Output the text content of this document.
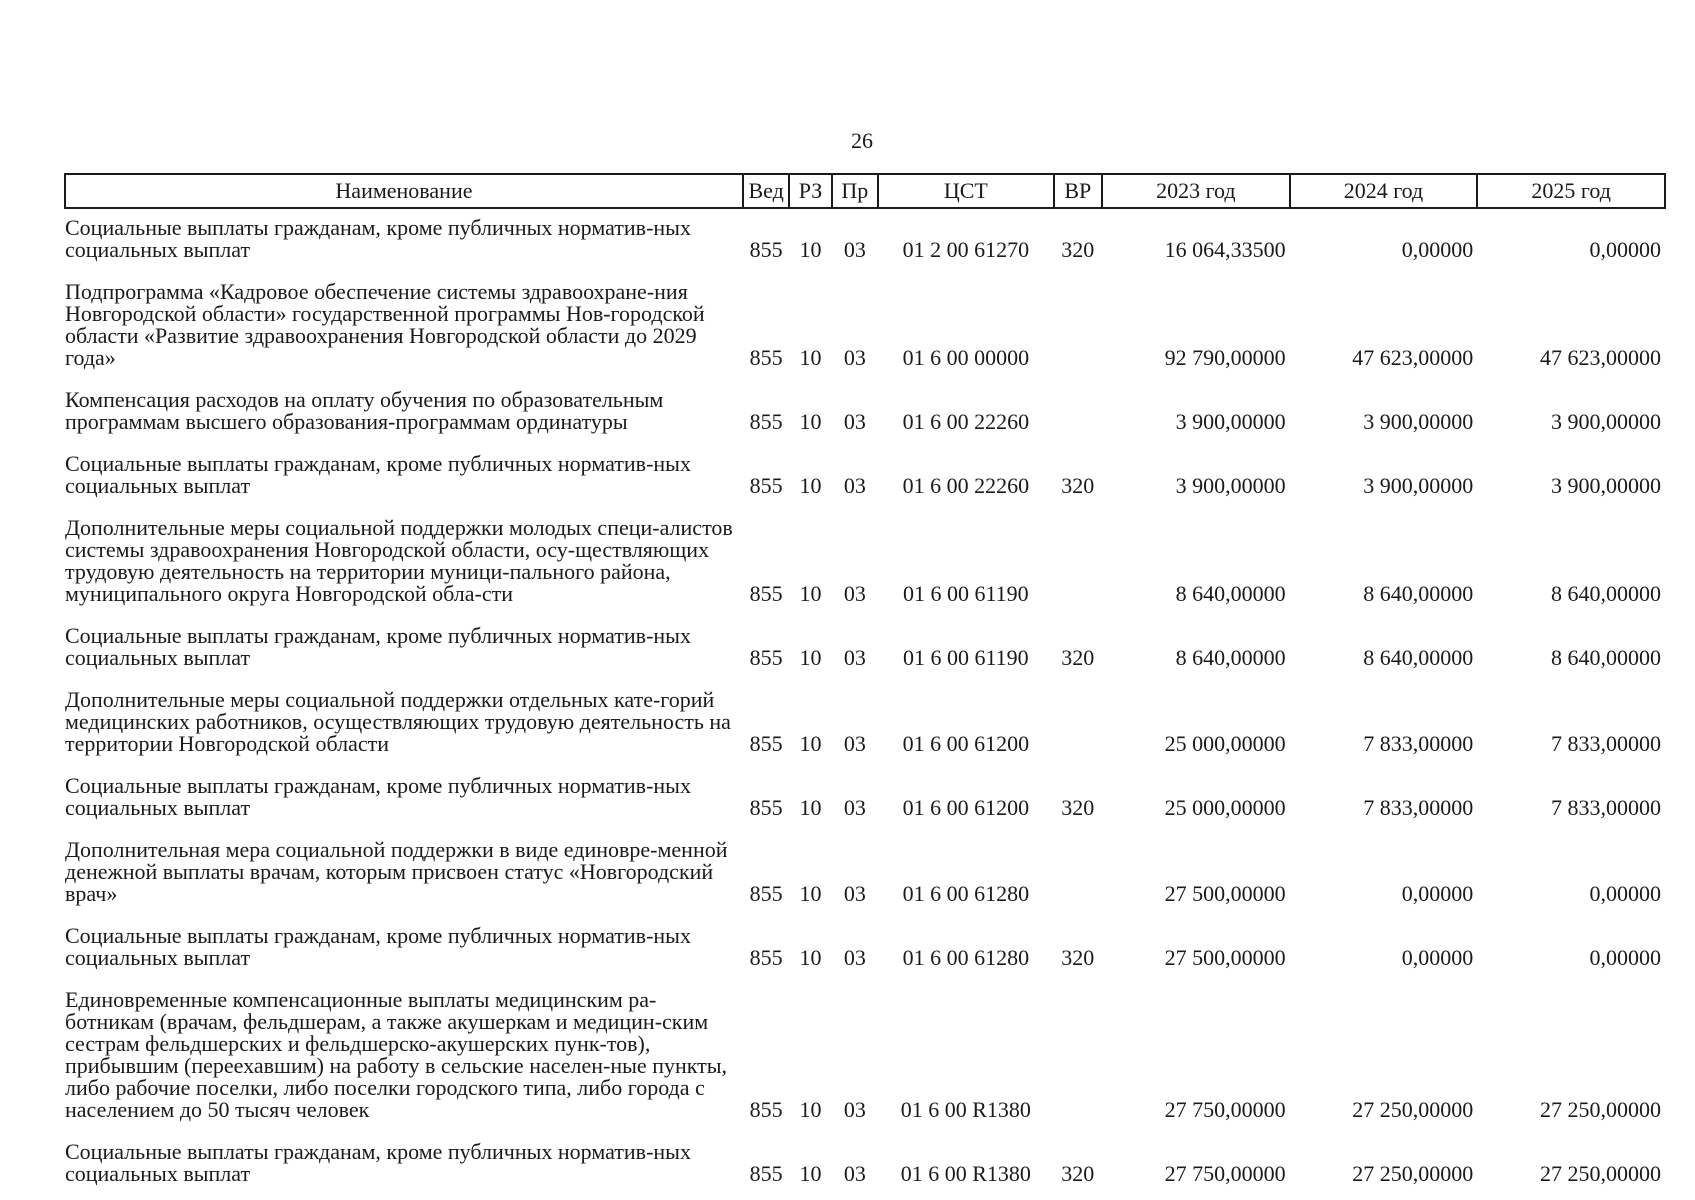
26
Наименование	Вед	РЗ	Пр	ЦСТ	ВР	2023 год	2024 год	2025 год
Социальные выплаты гражданам, кроме публичных норматив-ных социальных выплат	855	10	03	01 2 00 61270	320	16 064,33500	0,00000	0,00000
Подпрограмма «Кадровое обеспечение системы здравоохране-ния Новгородской области» государственной программы Нов-городской области «Развитие здравоохранения Новгородской области до 2029 года»	855	10	03	01 6 00 00000		92 790,00000	47 623,00000	47 623,00000
Компенсация расходов на оплату обучения по образовательным программам высшего образования-программам ординатуры	855	10	03	01 6 00 22260		3 900,00000	3 900,00000	3 900,00000
Социальные выплаты гражданам, кроме публичных норматив-ных социальных выплат	855	10	03	01 6 00 22260	320	3 900,00000	3 900,00000	3 900,00000
Дополнительные меры социальной поддержки молодых специ-алистов системы здравоохранения Новгородской области, осу-ществляющих трудовую деятельность на территории муници-пального района, муниципального округа Новгородской обла-сти	855	10	03	01 6 00 61190		8 640,00000	8 640,00000	8 640,00000
Социальные выплаты гражданам, кроме публичных норматив-ных социальных выплат	855	10	03	01 6 00 61190	320	8 640,00000	8 640,00000	8 640,00000
Дополнительные меры социальной поддержки отдельных кате-горий медицинских работников, осуществляющих трудовую деятельность на территории Новгородской области	855	10	03	01 6 00 61200		25 000,00000	7 833,00000	7 833,00000
Социальные выплаты гражданам, кроме публичных норматив-ных социальных выплат	855	10	03	01 6 00 61200	320	25 000,00000	7 833,00000	7 833,00000
Дополнительная мера социальной поддержки в виде единовре-менной денежной выплаты врачам, которым присвоен статус «Новгородский врач»	855	10	03	01 6 00 61280		27 500,00000	0,00000	0,00000
Социальные выплаты гражданам, кроме публичных норматив-ных социальных выплат	855	10	03	01 6 00 61280	320	27 500,00000	0,00000	0,00000
Единовременные компенсационные выплаты медицинским ра-ботникам (врачам, фельдшерам, а также акушеркам и медицин-ским сестрам фельдшерских и фельдшерско-акушерских пунк-тов), прибывшим (переехавшим) на работу в сельские населен-ные пункты, либо рабочие поселки, либо поселки городского типа, либо города с населением до 50 тысяч человек	855	10	03	01 6 00 R1380		27 750,00000	27 250,00000	27 250,00000
Социальные выплаты гражданам, кроме публичных норматив-ных социальных выплат	855	10	03	01 6 00 R1380	320	27 750,00000	27 250,00000	27 250,00000
